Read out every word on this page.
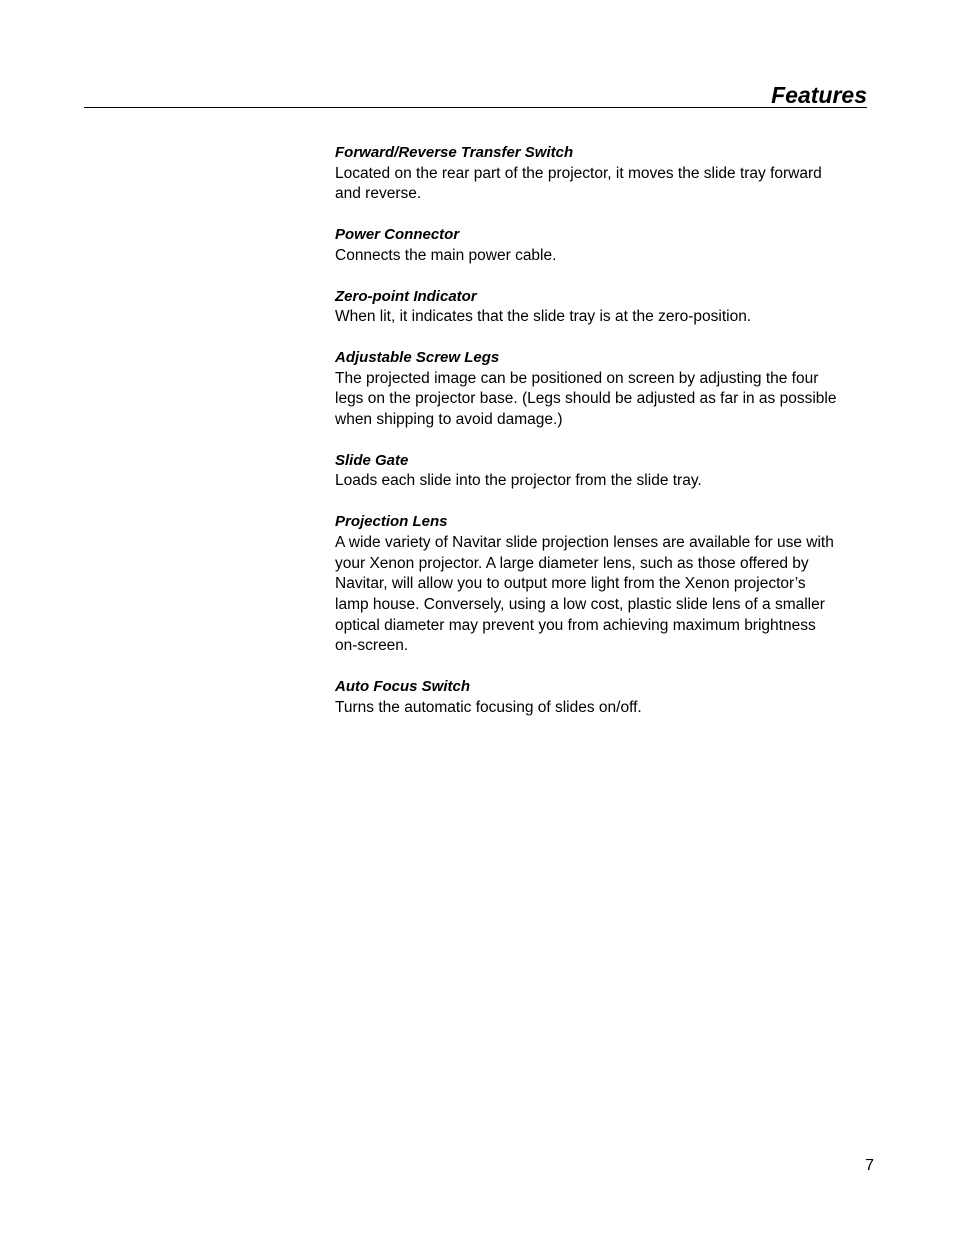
Features

Forward/Reverse Transfer Switch

Located on the rear part of the projector, it moves the slide tray forward
and reverse.

Power Connector

Connects the main power cable.

Zero-point Indicator

When lit, it indicates that the slide tray is at the zero-position.

Adjustable Screw Legs

The projected image can be positioned on screen by adjusting the four
legs on the projector base. (Legs should be adjusted as far in as possible
when shipping to avoid damage.)

Slide Gate

Loads each slide into the projector from the slide tray.

Projection Lens

A wide variety of Navitar slide projection lenses are available for use with
your Xenon projector. A large diameter lens, such as those offered by
Navitar, will allow you to output more light from the Xenon projector’s
lamp house. Conversely, using a low cost, plastic slide lens of a smaller
optical diameter may prevent you from achieving maximum brightness
on-screen.

Auto Focus Switch

Turns the automatic focusing of slides on/off.

7
